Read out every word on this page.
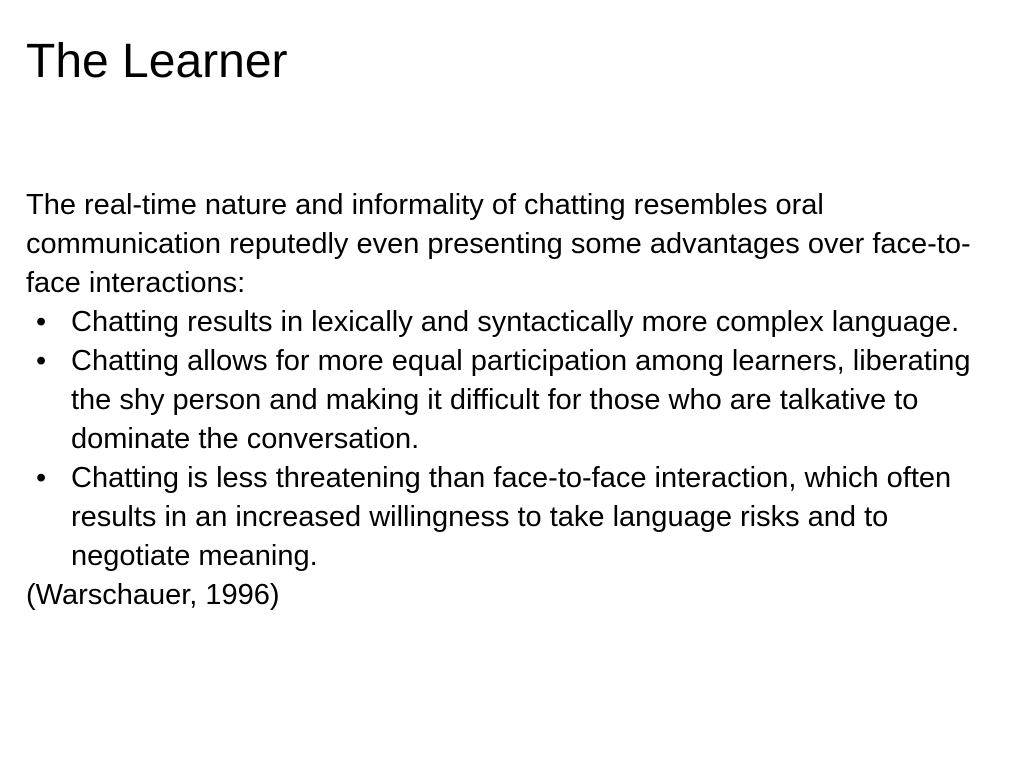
The Learner

The real-time nature and informality of chatting resembles oral communication reputedly even presenting some advantages over face-to-face interactions:

• Chatting results in lexically and syntactically more complex language.
• Chatting allows for more equal participation among learners, liberating the shy person and making it difficult for those who are talkative to dominate the conversation.
• Chatting is less threatening than face-to-face interaction, which often results in an increased willingness to take language risks and to negotiate meaning.

(Warschauer, 1996)
